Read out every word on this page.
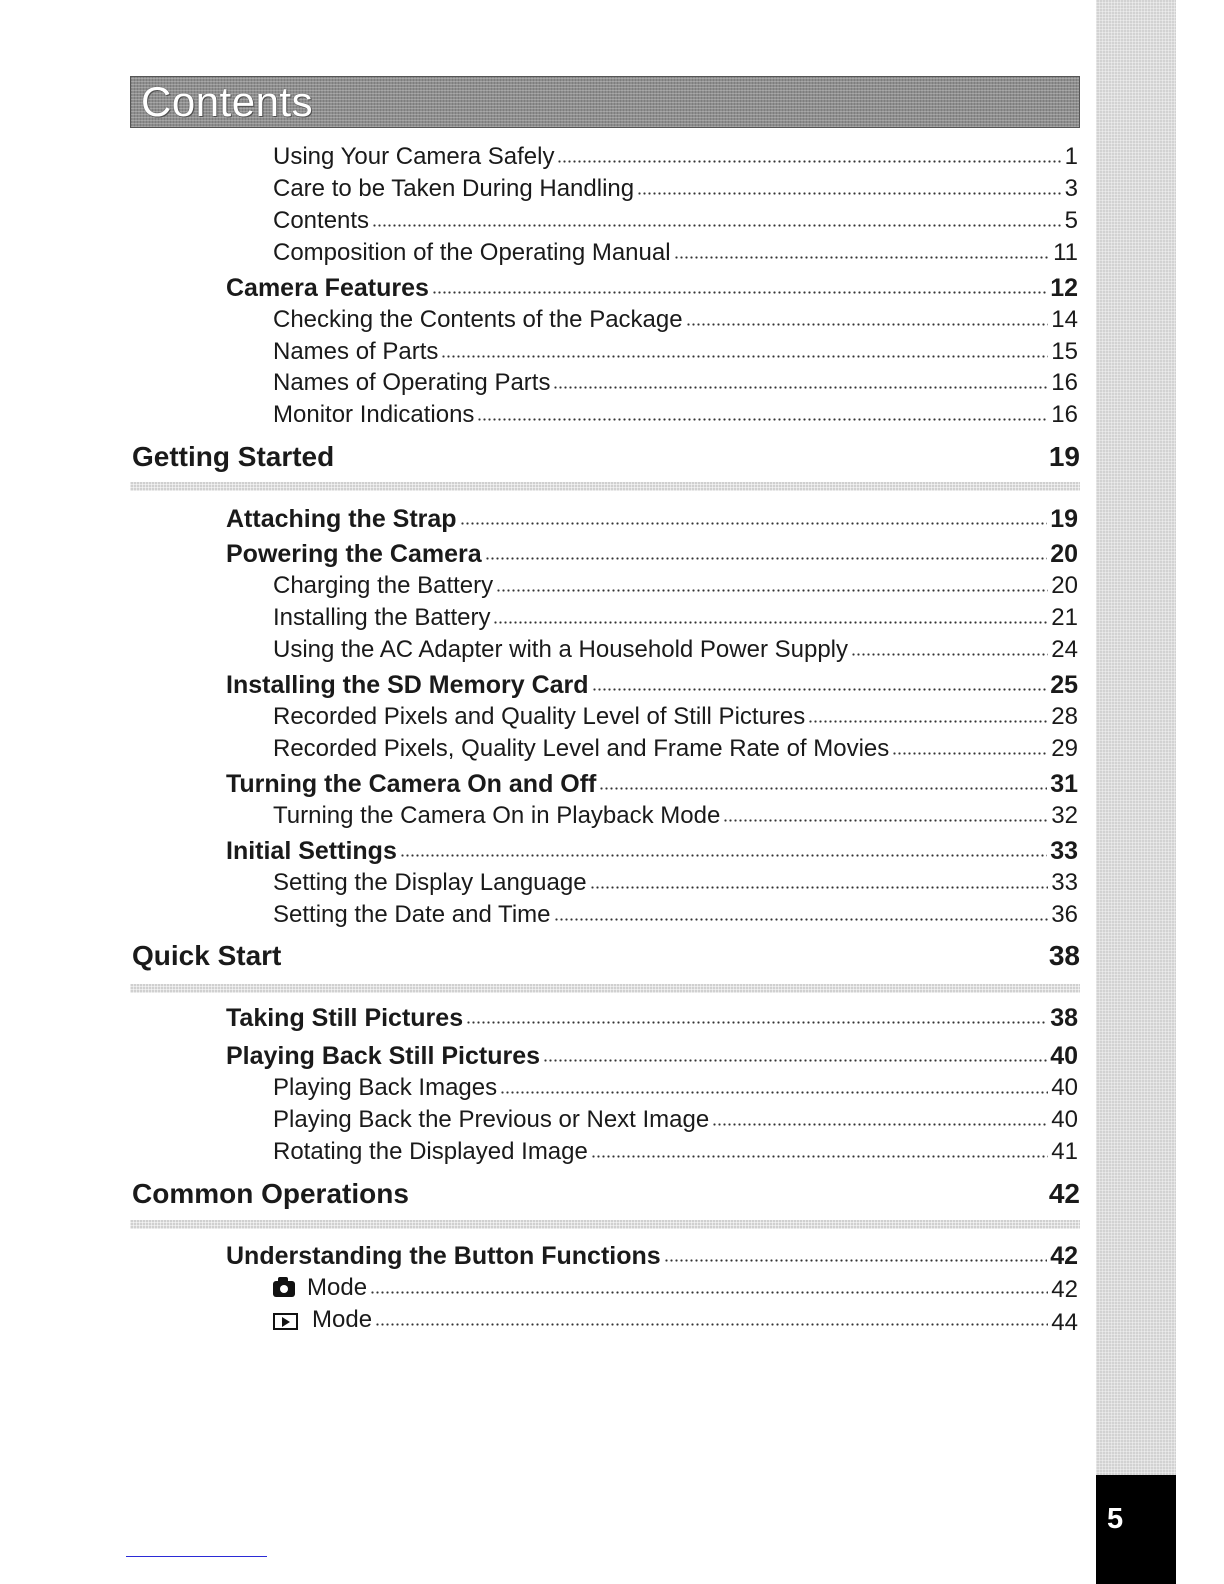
Contents
Using Your Camera Safely	1
Care to be Taken During Handling	3
Contents	5
Composition of the Operating Manual	11
Camera Features	12
Checking the Contents of the Package	14
Names of Parts	15
Names of Operating Parts	16
Monitor Indications	16
Getting Started	19
Attaching the Strap	19
Powering the Camera	20
Charging the Battery	20
Installing the Battery	21
Using the AC Adapter with a Household Power Supply	24
Installing the SD Memory Card	25
Recorded Pixels and Quality Level of Still Pictures	28
Recorded Pixels, Quality Level and Frame Rate of Movies	29
Turning the Camera On and Off	31
Turning the Camera On in Playback Mode	32
Initial Settings	33
Setting the Display Language	33
Setting the Date and Time	36
Quick Start	38
Taking Still Pictures	38
Playing Back Still Pictures	40
Playing Back Images	40
Playing Back the Previous or Next Image	40
Rotating the Displayed Image	41
Common Operations	42
Understanding the Button Functions	42
Mode	42
Mode	44
5
